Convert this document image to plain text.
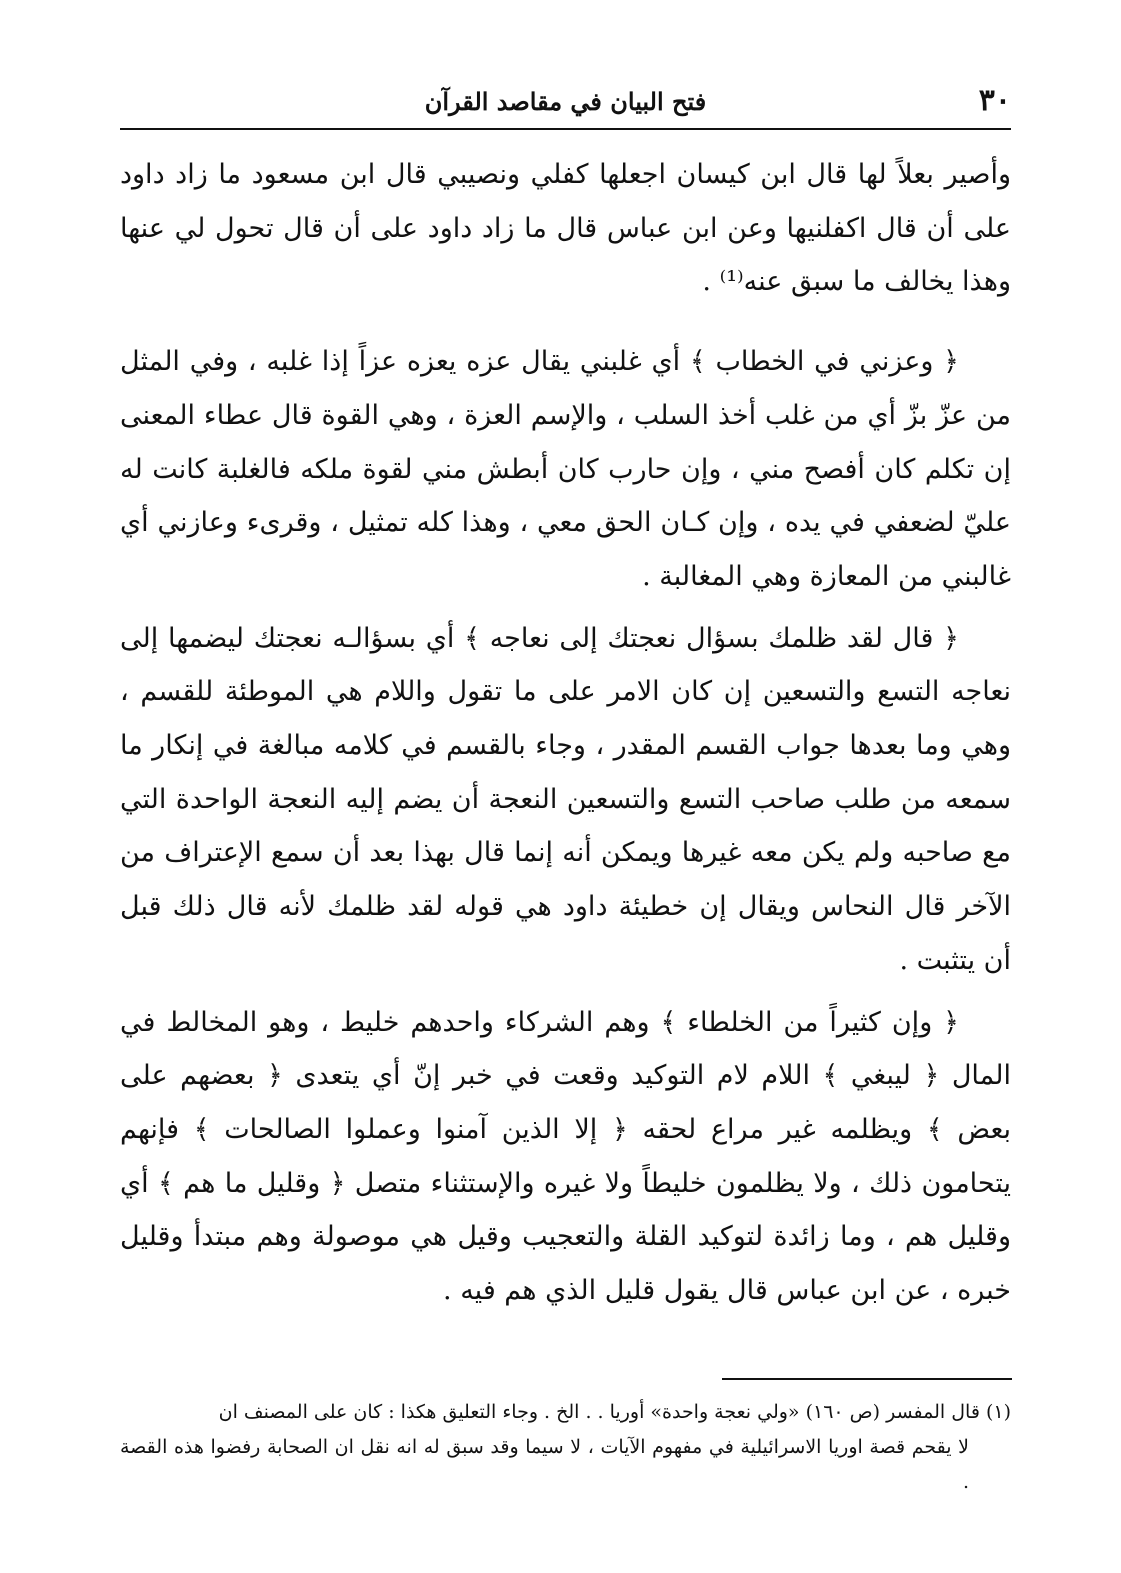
٣٠
فتح البيان في مقاصد القرآن

وأصير بعلاً لها قال ابن كيسان اجعلها كفلي ونصيبي قال ابن مسعود ما زاد داود على أن قال اكفلنيها وعن ابن عباس قال ما زاد داود على أن قال تحول لي عنها وهذا يخالف ما سبق عنه⁽¹⁾ .

﴿ وعزني في الخطاب ﴾ أي غلبني يقال عزه يعزه عزاً إذا غلبه ، وفي المثل من عزّ بزّ أي من غلب أخذ السلب ، والإسم العزة ، وهي القوة قال عطاء المعنى إن تكلم كان أفصح مني ، وإن حارب كان أبطش مني لقوة ملكه فالغلبة كانت له عليّ لضعفي في يده ، وإن كـان الحق معي ، وهذا كله تمثيل ، وقرىء وعازني أي غالبني من المعازة وهي المغالبة .

﴿ قال لقد ظلمك بسؤال نعجتك إلى نعاجه ﴾ أي بسؤالـه نعجتك ليضمها إلى نعاجه التسع والتسعين إن كان الامر على ما تقول واللام هي الموطئة للقسم ، وهي وما بعدها جواب القسم المقدر ، وجاء بالقسم في كلامه مبالغة في إنكار ما سمعه من طلب صاحب التسع والتسعين النعجة أن يضم إليه النعجة الواحدة التي مع صاحبه ولم يكن معه غيرها ويمكن أنه إنما قال بهذا بعد أن سمع الإعتراف من الآخر قال النحاس ويقال إن خطيئة داود هي قوله لقد ظلمك لأنه قال ذلك قبل أن يتثبت .

﴿ وإن كثيراً من الخلطاء ﴾ وهم الشركاء واحدهم خليط ، وهو المخالط في المال ﴿ ليبغي ﴾ اللام لام التوكيد وقعت في خبر إنّ أي يتعدى ﴿ بعضهم على بعض ﴾ ويظلمه غير مراع لحقه ﴿ إلا الذين آمنوا وعملوا الصالحات ﴾ فإنهم يتحامون ذلك ، ولا يظلمون خليطاً ولا غيره والإستثناء متصل ﴿ وقليل ما هم ﴾ أي وقليل هم ، وما زائدة لتوكيد القلة والتعجيب وقيل هي موصولة وهم مبتدأ وقليل خبره ، عن ابن عباس قال يقول قليل الذي هم فيه .

(١) قال المفسر (ص ١٦٠) «ولي نعجة واحدة» أوريا . . الخ . وجاء التعليق هكذا : كان على المصنف ان

لا يقحم قصة اوريا الاسرائيلية في مفهوم الآيات ، لا سيما وقد سبق له انه نقل ان الصحابة رفضوا هذه القصة .
